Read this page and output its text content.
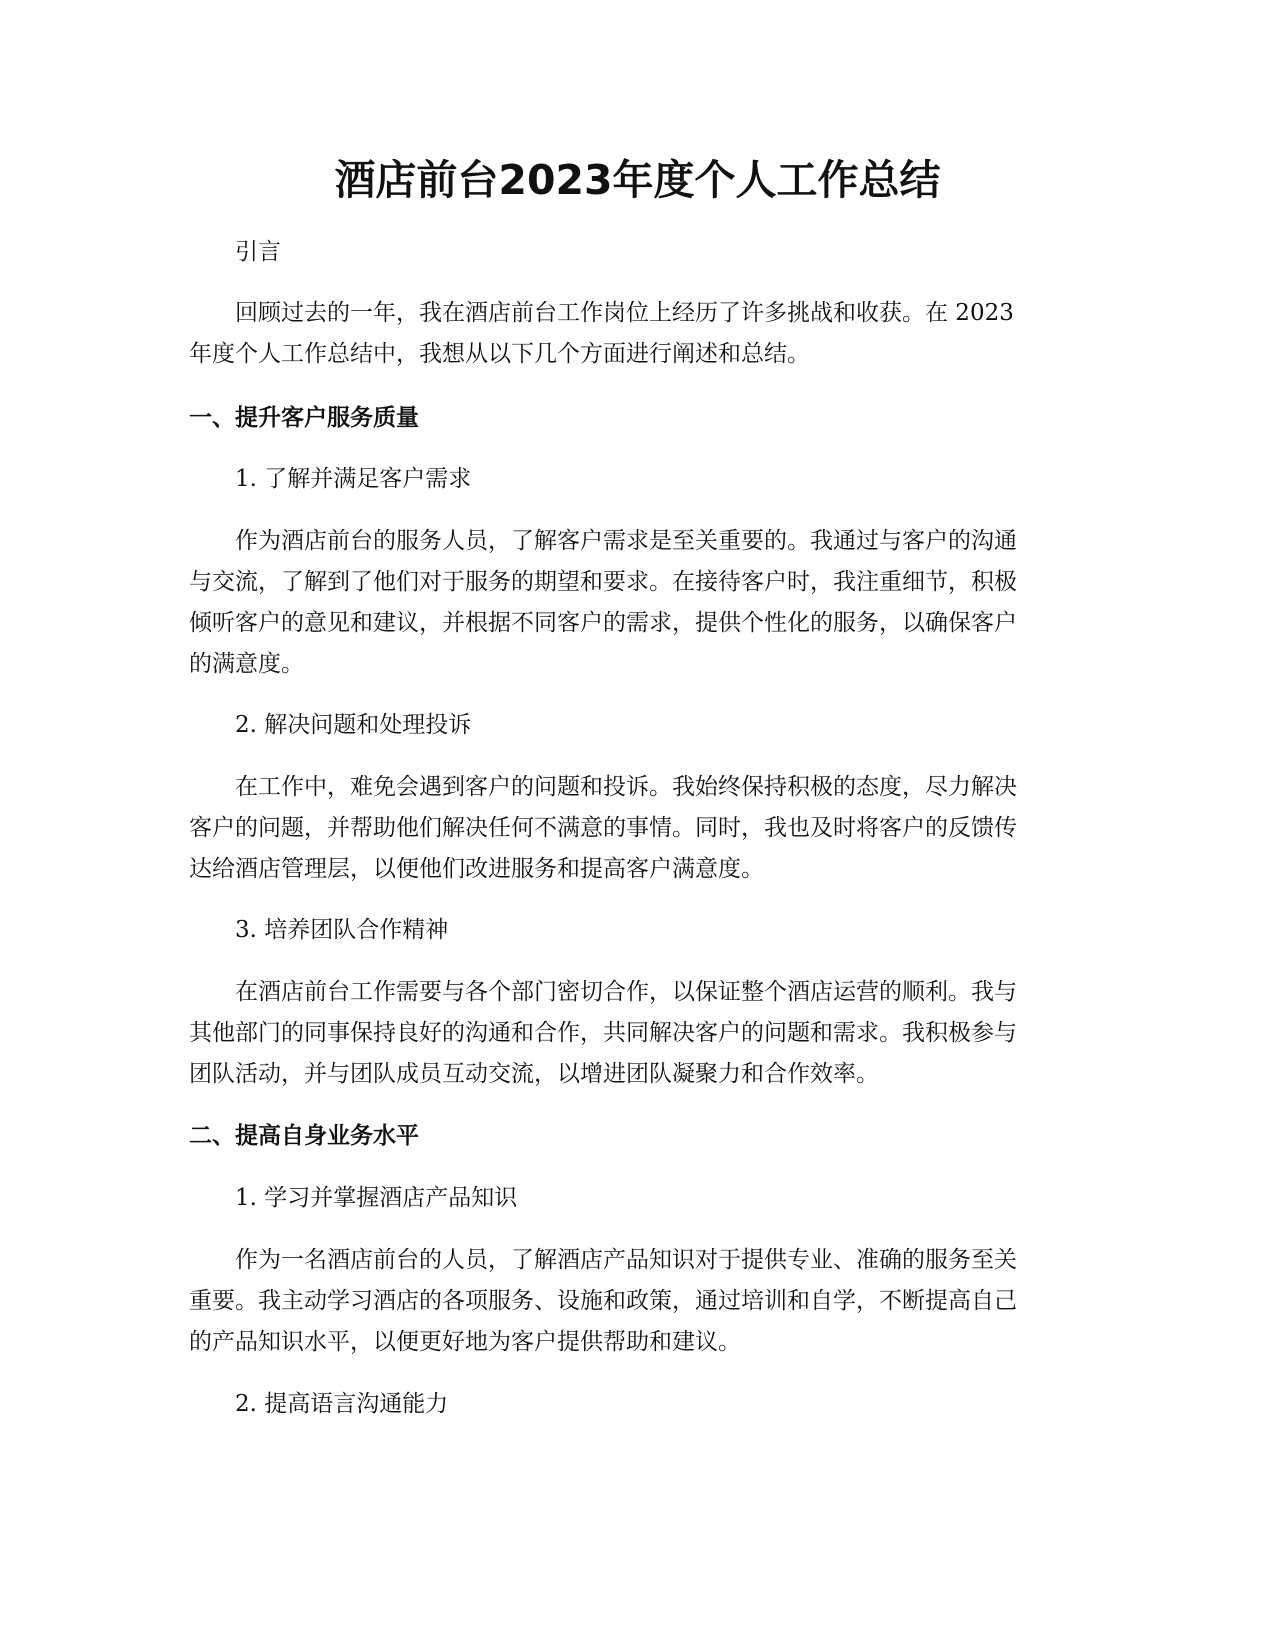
酒店前台2023年度个人工作总结

引言

回顾过去的一年，我在酒店前台工作岗位上经历了许多挑战和收获。在 2023
年度个人工作总结中，我想从以下几个方面进行阐述和总结。

一、提升客户服务质量

1. 了解并满足客户需求

作为酒店前台的服务人员，了解客户需求是至关重要的。我通过与客户的沟通
与交流，了解到了他们对于服务的期望和要求。在接待客户时，我注重细节，积极
倾听客户的意见和建议，并根据不同客户的需求，提供个性化的服务，以确保客户
的满意度。

2. 解决问题和处理投诉

在工作中，难免会遇到客户的问题和投诉。我始终保持积极的态度，尽力解决
客户的问题，并帮助他们解决任何不满意的事情。同时，我也及时将客户的反馈传
达给酒店管理层，以便他们改进服务和提高客户满意度。

3. 培养团队合作精神

在酒店前台工作需要与各个部门密切合作，以保证整个酒店运营的顺利。我与
其他部门的同事保持良好的沟通和合作，共同解决客户的问题和需求。我积极参与
团队活动，并与团队成员互动交流，以增进团队凝聚力和合作效率。

二、提高自身业务水平

1. 学习并掌握酒店产品知识

作为一名酒店前台的人员，了解酒店产品知识对于提供专业、准确的服务至关
重要。我主动学习酒店的各项服务、设施和政策，通过培训和自学，不断提高自己
的产品知识水平，以便更好地为客户提供帮助和建议。

2. 提高语言沟通能力
